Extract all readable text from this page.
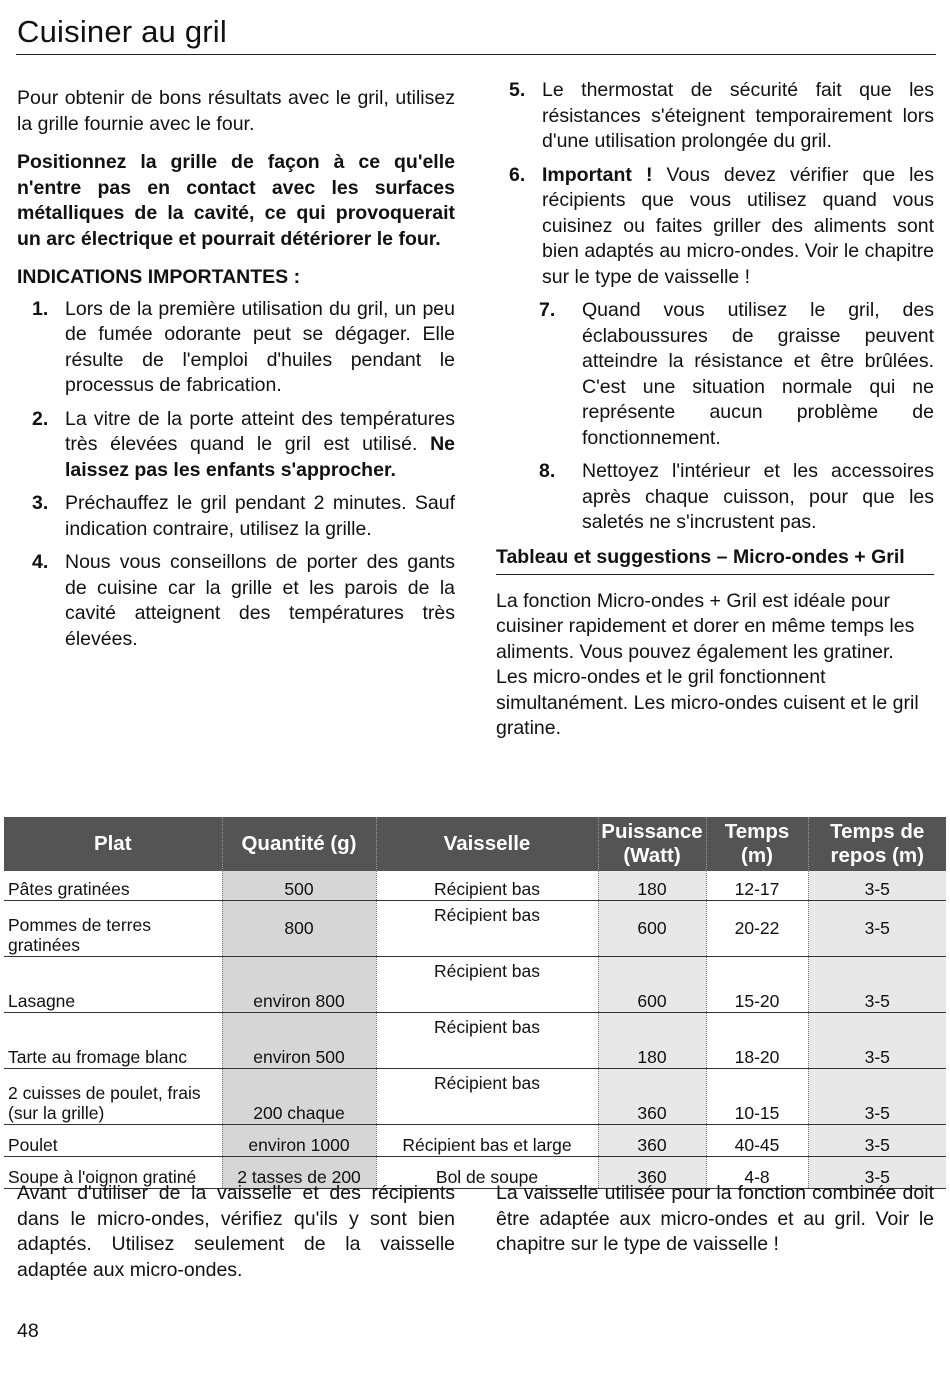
Cuisiner au gril

Pour obtenir de bons résultats avec le gril, utilisez la grille fournie avec le four.

Positionnez la grille de façon à ce qu'elle n'entre pas en contact avec les surfaces métalliques de la cavité, ce qui provoquerait un arc électrique et pourrait détériorer le four.

INDICATIONS IMPORTANTES :

1. Lors de la première utilisation du gril, un peu de fumée odorante peut se dégager. Elle résulte de l'emploi d'huiles pendant le processus de fabrication.
2. La vitre de la porte atteint des températures très élevées quand le gril est utilisé. Ne laissez pas les enfants s'approcher.
3. Préchauffez le gril pendant 2 minutes. Sauf indication contraire, utilisez la grille.
4. Nous vous conseillons de porter des gants de cuisine car la grille et les parois de la cavité atteignent des températures très élevées.
5. Le thermostat de sécurité fait que les résistances s'éteignent temporairement lors d'une utilisation prolongée du gril.
6. Important ! Vous devez vérifier que les récipients que vous utilisez quand vous cuisinez ou faites griller des aliments sont bien adaptés au micro-ondes. Voir le chapitre sur le type de vaisselle !
7. Quand vous utilisez le gril, des éclaboussures de graisse peuvent atteindre la résistance et être brûlées. C'est une situation normale qui ne représente aucun problème de fonctionnement.
8. Nettoyez l'intérieur et les accessoires après chaque cuisson, pour que les saletés ne s'incrustent pas.
Tableau et suggestions – Micro-ondes + Gril

La fonction Micro-ondes + Gril est idéale pour cuisiner rapidement et dorer en même temps les aliments. Vous pouvez également les gratiner.

Les micro-ondes et le gril fonctionnent simultanément. Les micro-ondes cuisent et le gril gratine.

Plat	Quantité (g)	Vaisselle	Puissance (Watt)	Temps (m)	Temps de repos (m)
Pâtes gratinées	500	Récipient bas	180	12-17	3-5
Pommes de terres gratinées	800	Récipient bas	600	20-22	3-5
Lasagne	environ 800	Récipient bas	600	15-20	3-5
Tarte au fromage blanc	environ 500	Récipient bas	180	18-20	3-5
2 cuisses de poulet, frais (sur la grille)	200 chaque	Récipient bas	360	10-15	3-5
Poulet	environ 1000	Récipient bas et large	360	40-45	3-5
Soupe à l'oignon gratiné	2 tasses de 200	Bol de soupe	360	4-8	3-5
Avant d'utiliser de la vaisselle et des récipients dans le micro-ondes, vérifiez qu'ils y sont bien adaptés. Utilisez seulement de la vaisselle adaptée aux micro-ondes.
La vaisselle utilisée pour la fonction combinée doit être adaptée aux micro-ondes et au gril. Voir le chapitre sur le type de vaisselle !
48
